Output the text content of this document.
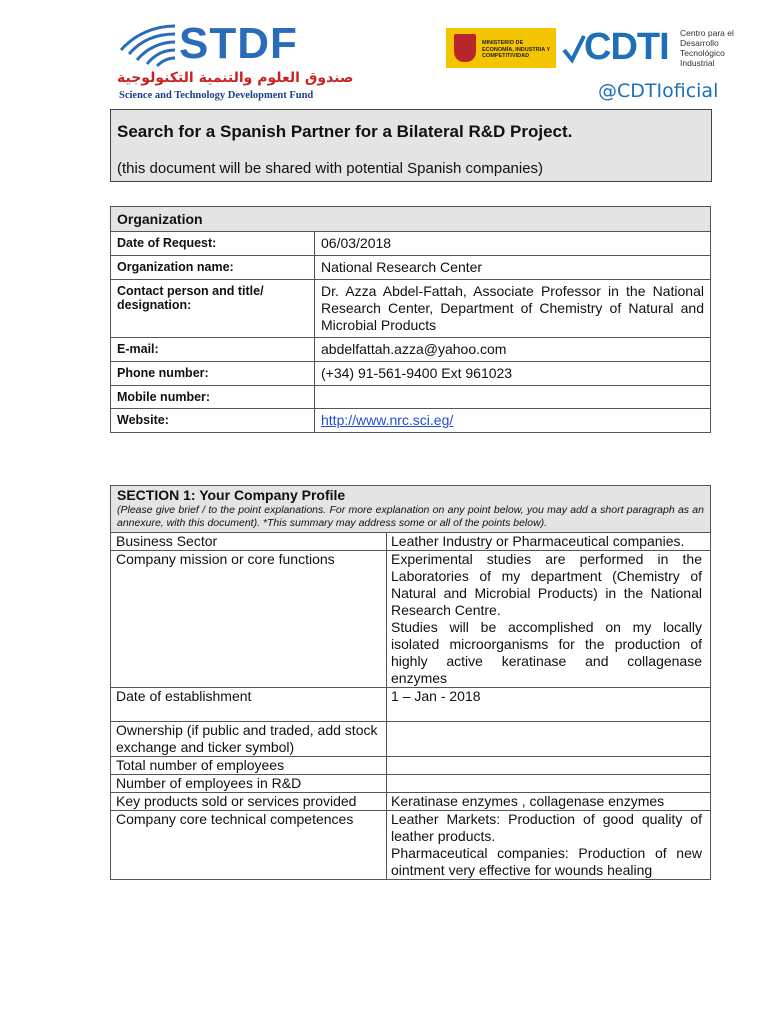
STDF
صندوق العلوم والتنمية التكنولوجية
Science and Technology Development Fund
MINISTERIO DE ECONOMÍA, INDUSTRIA Y COMPETITIVIDAD	CDTI Centro para el
Desarrollo
Tecnológico
Industrial
@CDTIoficial
Search for a Spanish Partner for a Bilateral R&D Project.
(this document will be shared with potential Spanish companies)
Organization	
Date of Request:	06/03/2018
Organization name:	National Research Center
Contact person and title/ designation:	Dr. Azza Abdel-Fattah, Associate Professor in the National Research Center, Department of Chemistry of Natural and Microbial Products
E-mail:	abdelfattah.azza@yahoo.com
Phone number:	(+34) 91-561-9400 Ext 961023
Mobile number:	
Website:	http://www.nrc.sci.eg/
SECTION 1: Your Company Profile
(Please give brief / to the point explanations. For more explanation on any point below, you may add a short paragraph as an annexure, with this document). *This summary may address some or all of the points below).	

Business Sector	Leather Industry or Pharmaceutical companies.
Company mission or core functions	Experimental studies are performed in the Laboratories of my department (Chemistry of Natural and Microbial Products) in the National Research Centre.
Studies will be accomplished on my locally isolated microorganisms for the production of highly active keratinase and collagenase enzymes
Date of establishment	1 – Jan - 2018
Ownership (if public and traded, add stock exchange and ticker symbol)	
Total number of employees	
Number of employees in R&D	
Key products sold or services provided	Keratinase enzymes , collagenase enzymes
Company core technical competences	Leather Markets: Production of good quality of leather products.
Pharmaceutical companies: Production of new ointment very effective for wounds healing
